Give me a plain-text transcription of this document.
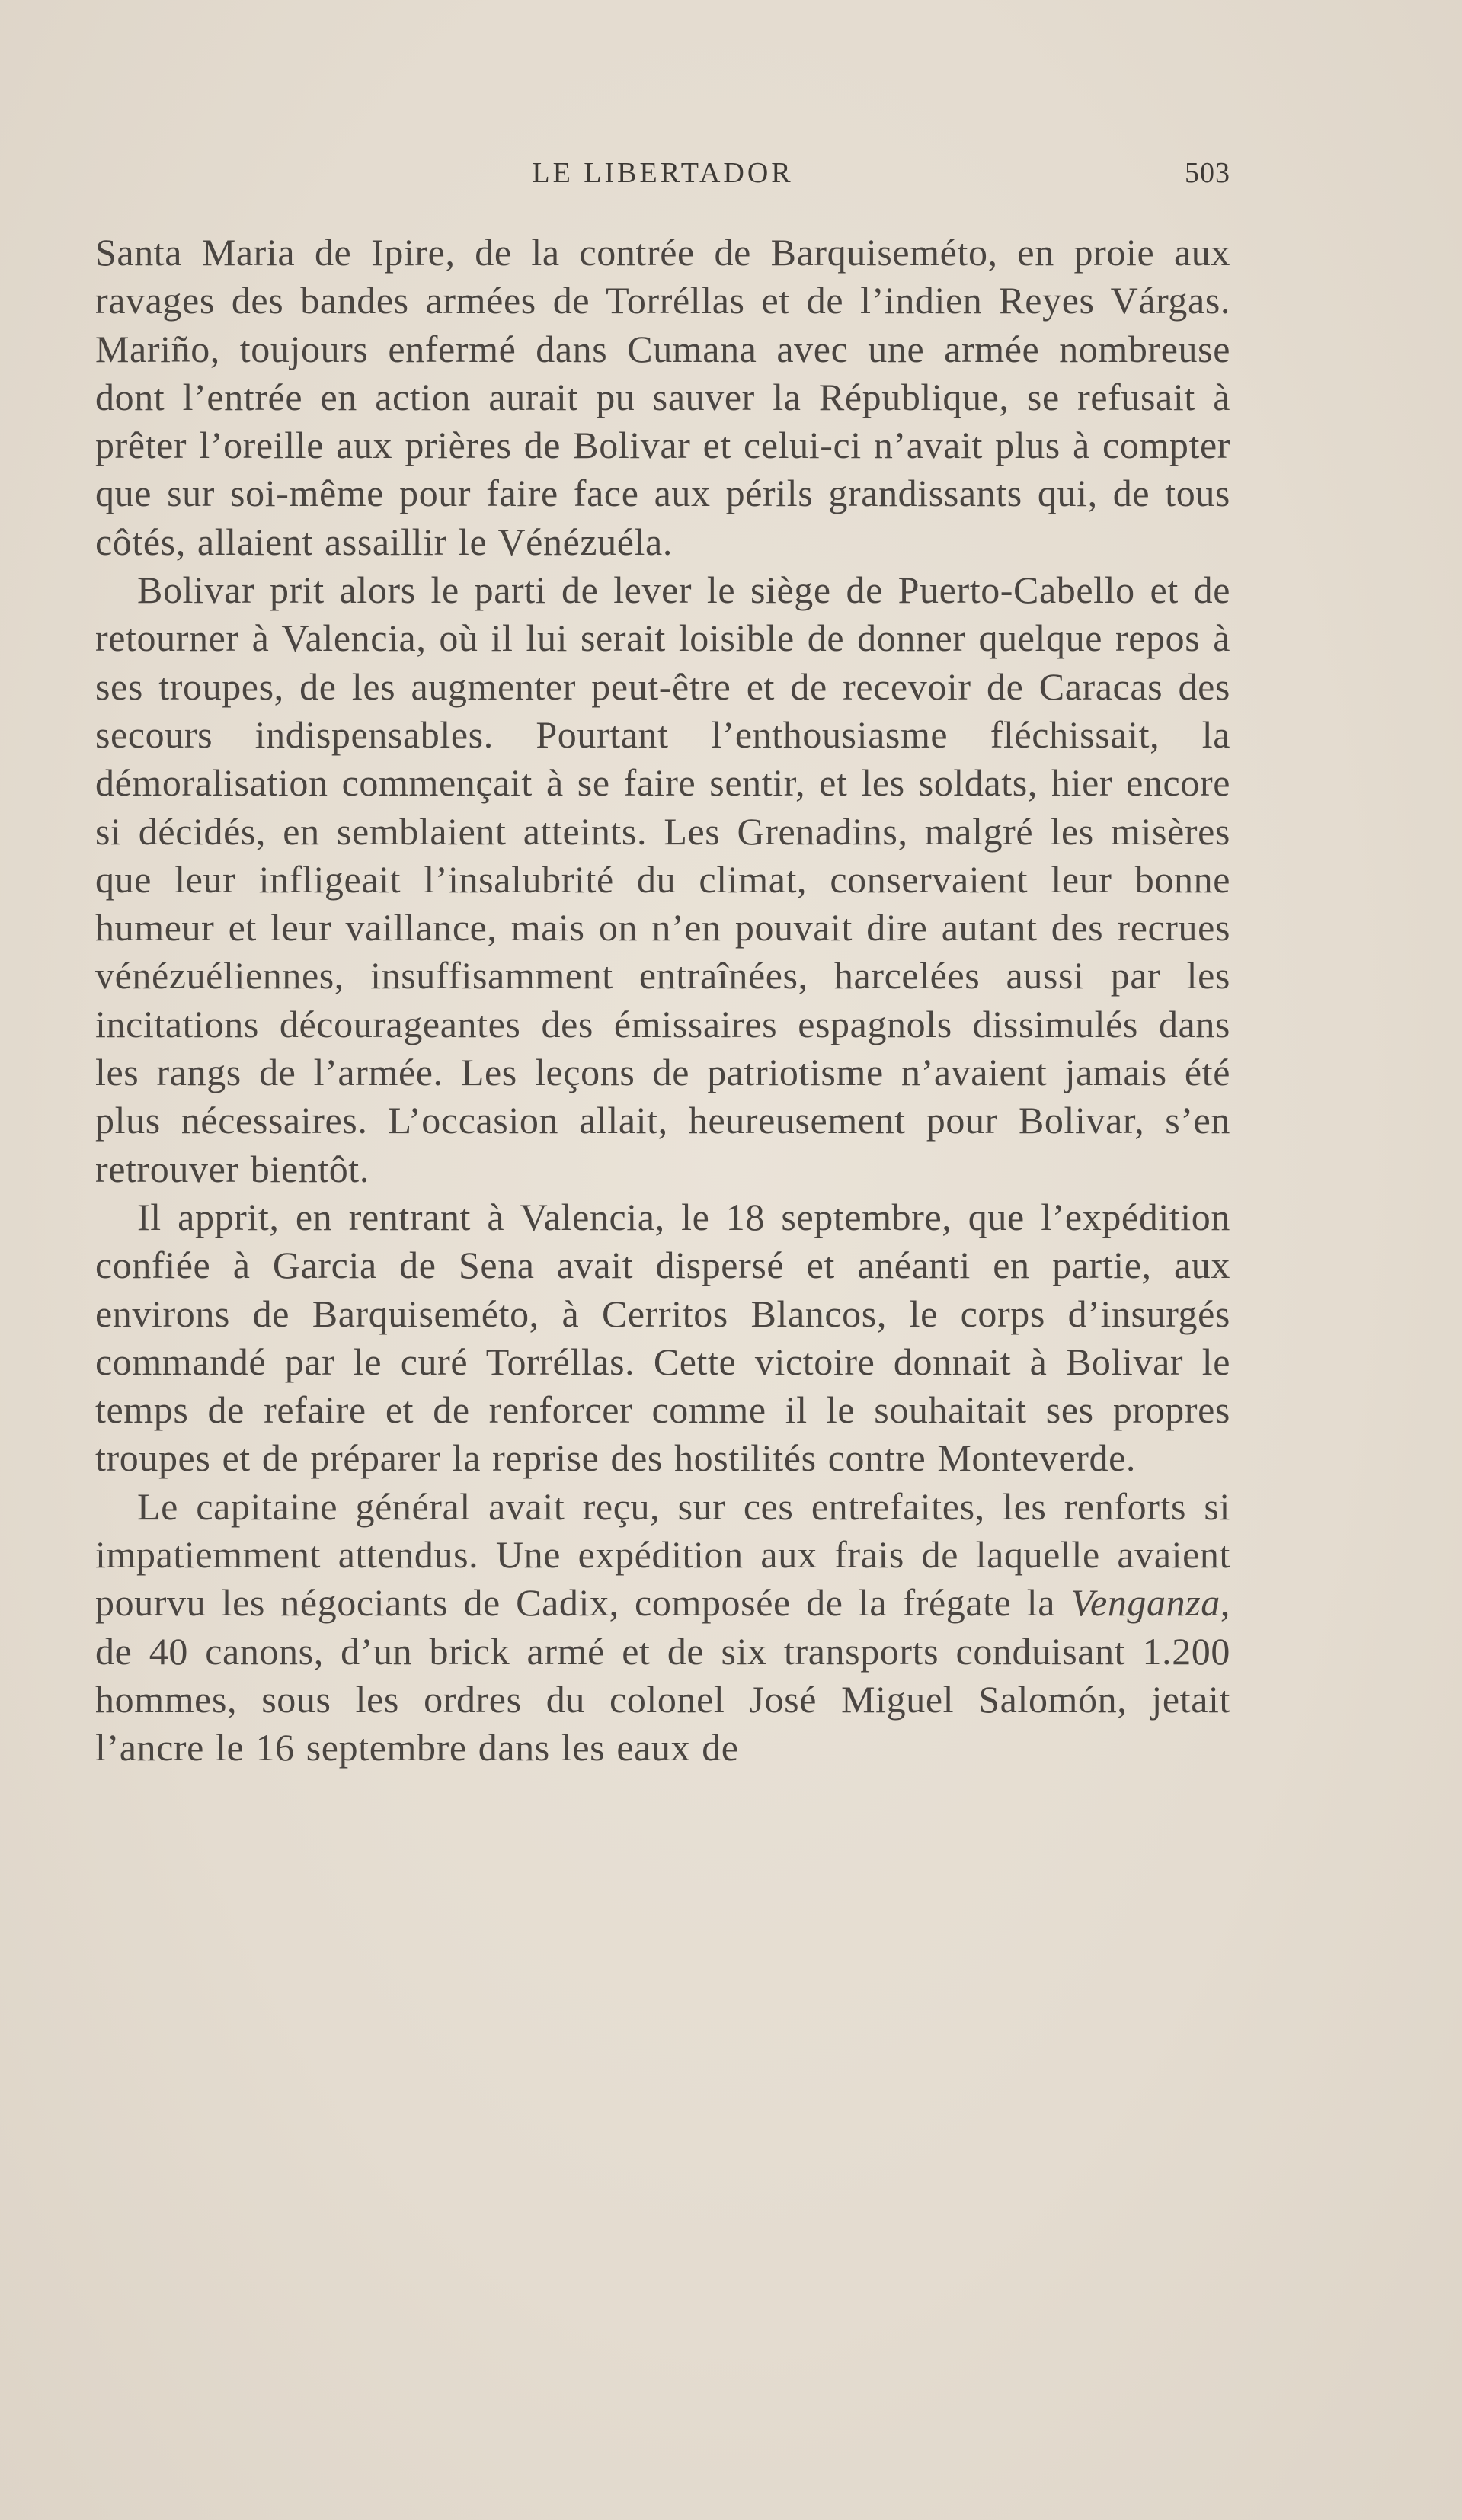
LE LIBERTADOR	503

Santa Maria de Ipire, de la contrée de Barquiseméto, en proie aux ravages des bandes armées de Torréllas et de l’indien Reyes Várgas. Mariño, toujours enfermé dans Cumana avec une armée nombreuse dont l’entrée en action aurait pu sauver la République, se refusait à prêter l’oreille aux prières de Bolivar et celui-ci n’avait plus à compter que sur soi-même pour faire face aux périls grandissants qui, de tous côtés, allaient assaillir le Vénézuéla.

Bolivar prit alors le parti de lever le siège de Puerto-Cabello et de retourner à Valencia, où il lui serait loisible de donner quelque repos à ses troupes, de les augmenter peut-être et de recevoir de Caracas des secours indispensables. Pourtant l’enthousiasme fléchissait, la démoralisation commençait à se faire sentir, et les soldats, hier encore si décidés, en semblaient atteints. Les Grenadins, malgré les misères que leur infligeait l’insalubrité du climat, conservaient leur bonne humeur et leur vaillance, mais on n’en pouvait dire autant des recrues vénézuéliennes, insuffisamment entraînées, harcelées aussi par les incitations décourageantes des émissaires espagnols dissimulés dans les rangs de l’armée. Les leçons de patriotisme n’avaient jamais été plus nécessaires. L’occasion allait, heureusement pour Bolivar, s’en retrouver bientôt.

Il apprit, en rentrant à Valencia, le 18 septembre, que l’expédition confiée à Garcia de Sena avait dispersé et anéanti en partie, aux environs de Barquiseméto, à Cerritos Blancos, le corps d’insurgés commandé par le curé Torréllas. Cette victoire donnait à Bolivar le temps de refaire et de renforcer comme il le souhaitait ses propres troupes et de préparer la reprise des hostilités contre Monteverde.

Le capitaine général avait reçu, sur ces entrefaites, les renforts si impatiemment attendus. Une expédition aux frais de laquelle avaient pourvu les négociants de Cadix, composée de la frégate la Venganza, de 40 canons, d’un brick armé et de six transports conduisant 1.200 hommes, sous les ordres du colonel José Miguel Salomón, jetait l’ancre le 16 septembre dans les eaux de
